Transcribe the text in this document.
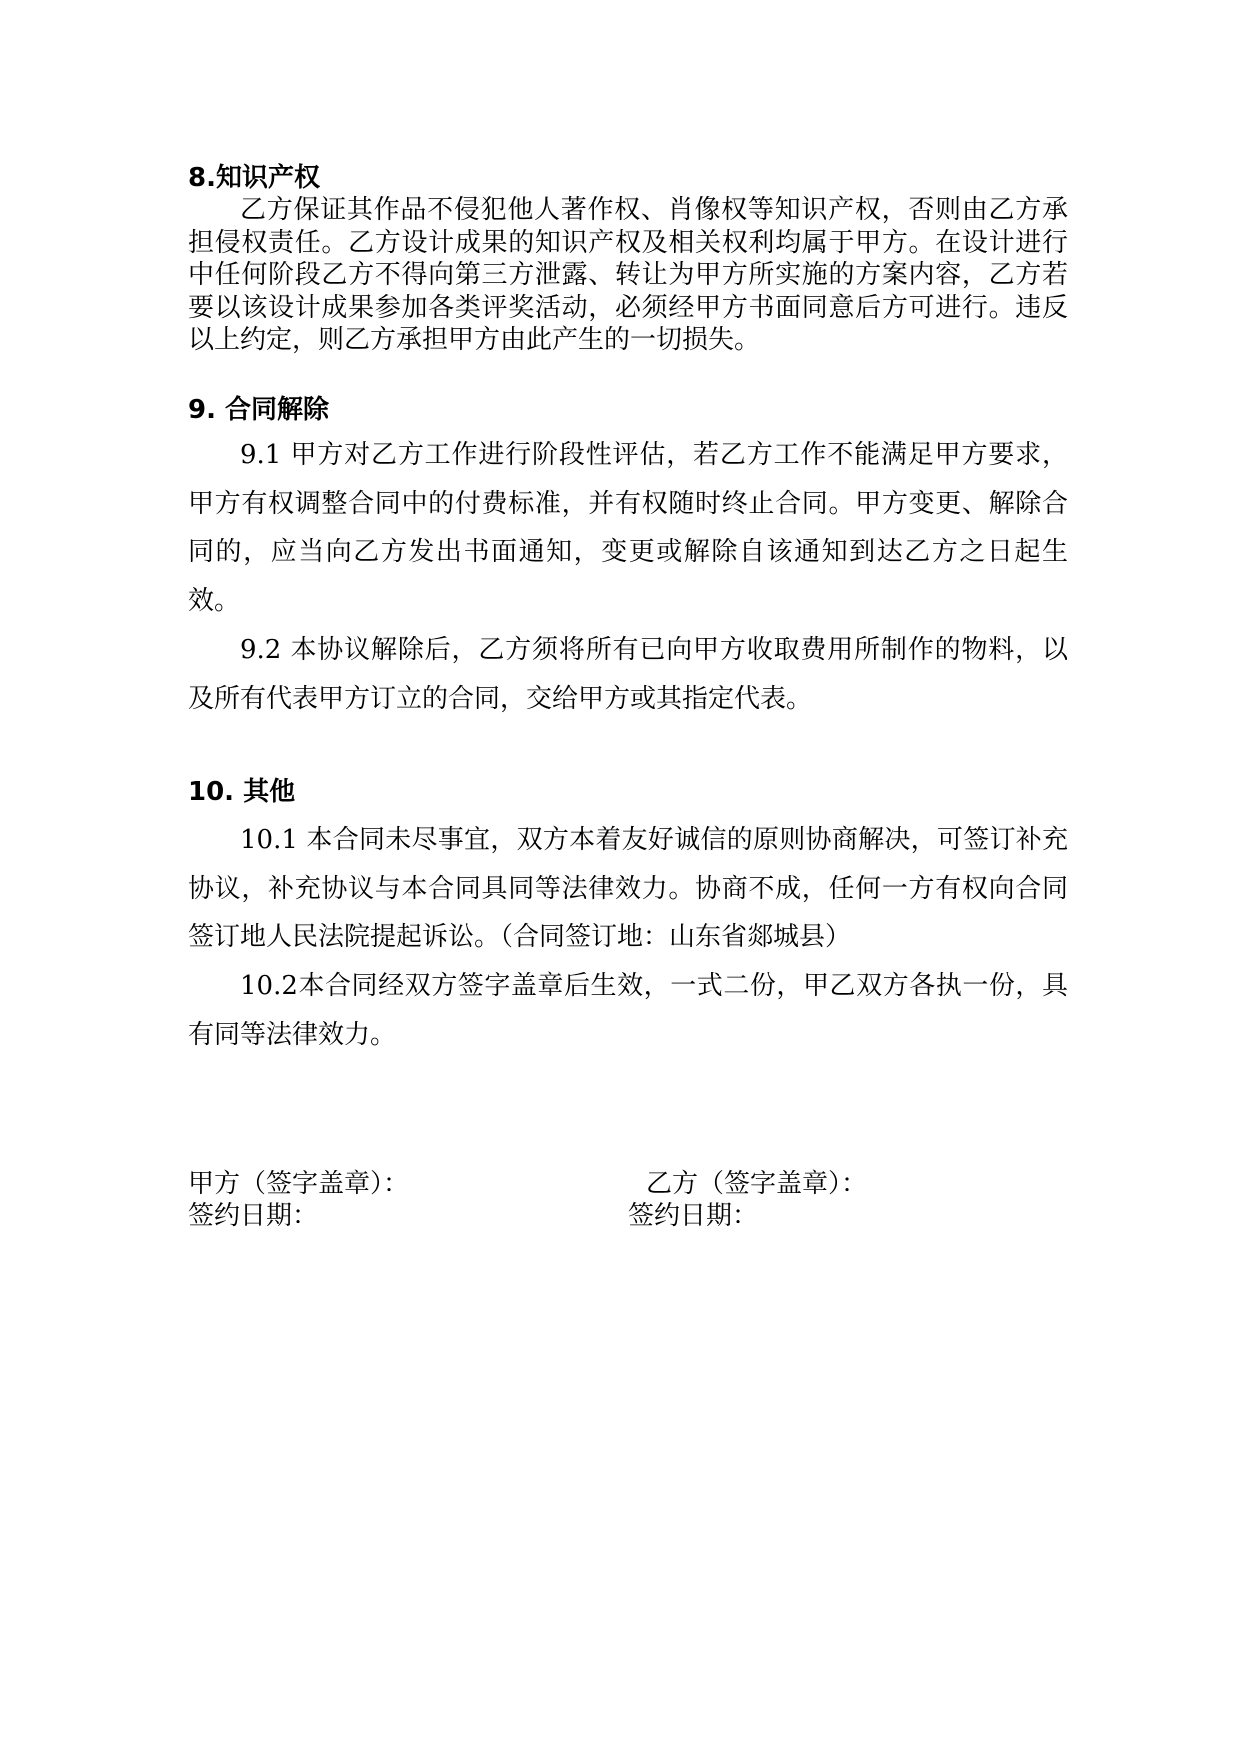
8.知识产权

乙方保证其作品不侵犯他人著作权、肖像权等知识产权，否则由乙方承担侵权责任。乙方设计成果的知识产权及相关权利均属于甲方。在设计进行中任何阶段乙方不得向第三方泄露、转让为甲方所实施的方案内容，乙方若要以该设计成果参加各类评奖活动，必须经甲方书面同意后方可进行。违反以上约定，则乙方承担甲方由此产生的一切损失。

9. 合同解除

9.1 甲方对乙方工作进行阶段性评估，若乙方工作不能满足甲方要求，甲方有权调整合同中的付费标准，并有权随时终止合同。甲方变更、解除合同的，应当向乙方发出书面通知，变更或解除自该通知到达乙方之日起生效。

9.2 本协议解除后，乙方须将所有已向甲方收取费用所制作的物料，以及所有代表甲方订立的合同，交给甲方或其指定代表。

10. 其他

10.1 本合同未尽事宜，双方本着友好诚信的原则协商解决，可签订补充协议，补充协议与本合同具同等法律效力。协商不成，任何一方有权向合同签订地人民法院提起诉讼。（合同签订地：山东省郯城县）

10.2本合同经双方签字盖章后生效，一式二份，甲乙双方各执一份，具有同等法律效力。

甲方（签字盖章）：
签约日期：
乙方（签字盖章）：
签约日期：
